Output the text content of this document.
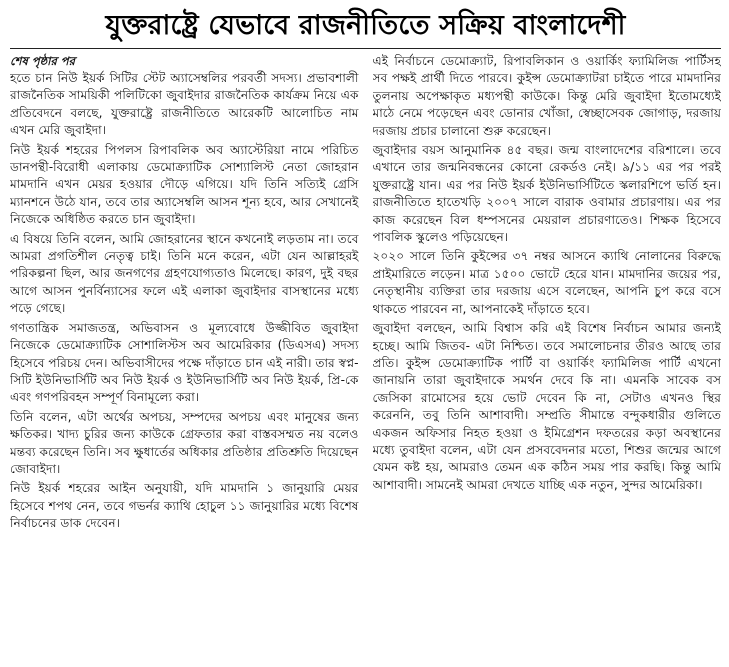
যুক্তরাষ্ট্রে যেভাবে রাজনীতিতে সক্রিয় বাংলাদেশী
শেষ পৃষ্ঠার পর

হতে চান নিউ ইয়র্ক সিটির স্টেট অ্যাসেম্বলির পরবর্তী সদস্য। প্রভাবশালী রাজনৈতিক সাময়িকী পলিটিকো জুবাইদার রাজনৈতিক কার্যক্রম নিয়ে এক প্রতিবেদনে বলছে, যুক্তরাষ্ট্রে রাজনীতিতে আরেকটি আলোচিত নাম এখন মেরি জুবাইদা।

নিউ ইয়র্ক শহরের পিপলস রিপাবলিক অব অ্যাস্টেরিয়া নামে পরিচিত ডানপন্থী-বিরোধী এলাকায় ডেমোক্র্যাটিক সোশ্যালিস্ট নেতা জোহরান মামদানি এখন মেয়র হওয়ার দৌড়ে এগিয়ে। যদি তিনি সত্যিই গ্রেসি ম্যানশনে উঠে যান, তবে তার অ্যাসেম্বলি আসন শূন্য হবে, আর সেখানেই নিজেকে অধিষ্ঠিত করতে চান জুবাইদা।

এ বিষয়ে তিনি বলেন, আমি জোহরানের স্থানে কখনোই লড়তাম না। তবে আমরা প্রগতিশীল নেতৃত্ব চাই। তিনি মনে করেন, এটা যেন আল্লাহরই পরিকল্পনা ছিল, আর জনগণের গ্রহণযোগ্যতাও মিলেছে। কারণ, দুই বছর আগে আসন পুনর্বিন্যাসের ফলে এই এলাকা জুবাইদার বাসস্থানের মধ্যে পড়ে গেছে।

গণতান্ত্রিক সমাজতন্ত্র, অভিবাসন ও মূল্যবোধে উজ্জীবিত জুবাইদা নিজেকে ডেমোক্র্যাটিক সোশালিস্টস অব আমেরিকার (ডিএসএ) সদস্য হিসেবে পরিচয় দেন। অভিবাসীদের পক্ষে দাঁড়াতে চান এই নারী। তার স্বপ্ন- সিটি ইউনিভার্সিটি অব নিউ ইয়র্ক ও ইউনিভার্সিটি অব নিউ ইয়র্ক, প্রি-কে এবং গণপরিবহন সম্পূর্ণ বিনামূল্যে করা।

তিনি বলেন, এটা অর্থের অপচয়, সম্পদের অপচয় এবং মানুষের জন্য ক্ষতিকর। খাদ্য চুরির জন্য কাউকে গ্রেফতার করা বাস্তবসম্মত নয় বলেও মন্তব্য করেছেন তিনি। সব ক্ষুধার্তের অধিকার প্রতিষ্ঠার প্রতিশ্রুতি দিয়েছেন জোবাইদা।

নিউ ইয়র্ক শহরের আইন অনুযায়ী, যদি মামদানি ১ জানুয়ারি মেয়র হিসেবে শপথ নেন, তবে গভর্নর ক্যাথি হোচুল ১১ জানুয়ারির মধ্যে বিশেষ নির্বাচনের ডাক দেবেন।

এই নির্বাচনে ডেমোক্র্যাট, রিপাবলিকান ও ওয়ার্কিং ফ্যামিলিজ পার্টিসহ সব পক্ষই প্রার্থী দিতে পারবে। কুইন্স ডেমোক্র্যাটরা চাইতে পারে মামদানির তুলনায় অপেক্ষাকৃত মধ্যপন্থী কাউকে। কিন্তু মেরি জুবাইদা ইতোমধ্যেই মাঠে নেমে পড়েছেন এবং ডোনার খোঁজা, স্বেচ্ছাসেবক জোগাড়, দরজায় দরজায় প্রচার চালানো শুরু করেছেন।

জুবাইদার বয়স আনুমানিক ৪৫ বছর। জন্ম বাংলাদেশের বরিশালে। তবে এখানে তার জন্মনিবন্ধনের কোনো রেকর্ডও নেই। ৯/১১ এর পর পরই যুক্তরাষ্ট্রে যান। এর পর নিউ ইয়র্ক ইউনিভার্সিটিতে স্কলারশিপে ভর্তি হন। রাজনীতিতে হাতেখড়ি ২০০৭ সালে বারাক ওবামার প্রচারণায়। এর পর কাজ করেছেন বিল ধম্পসনের মেয়রাল প্রচারণাতেও। শিক্ষক হিসেবে পাবলিক স্কুলেও পড়িয়েছেন।

২০২০ সালে তিনি কুইন্সের ৩৭ নম্বর আসনে ক্যাথি নোলানের বিরুদ্ধে প্রাইমারিতে লড়েন। মাত্র ১৫০০ ভোটে হেরে যান। মামদানির জয়ের পর, নেতৃস্থানীয় ব্যক্তিরা তার দরজায় এসে বলেছেন, আপনি চুপ করে বসে থাকতে পারবেন না, আপনাকেই দাঁড়াতে হবে।

জুবাইদা বলছেন, আমি বিশ্বাস করি এই বিশেষ নির্বাচন আমার জন্যই হচ্ছে। আমি জিতব- এটা নিশ্চিত। তবে সমালোচনার তীরও আছে তার প্রতি। কুইন্স ডেমোক্র্যাটিক পার্টি বা ওয়ার্কিং ফ্যামিলিজ পার্টি এখনো জানায়নি তারা জুবাইদাকে সমর্থন দেবে কি না। এমনকি সাবেক বস জেসিকা রামোসের হয়ে ভোট দেবেন কি না, সেটাও এখনও স্থির করেননি, তবু তিনি আশাবাদী। সম্প্রতি সীমান্তে বন্দুকধারীর গুলিতে একজন অফিসার নিহত হওয়া ও ইমিগ্রেশন দফতরের কড়া অবস্থানের মধ্যে তুবাইদা বলেন, এটা যেন প্রসববেদনার মতো, শিশুর জন্মের আগে যেমন কষ্ট হয়, আমরাও তেমন এক কঠিন সময় পার করছি। কিন্তু আমি আশাবাদী। সামনেই আমরা দেখতে যাচ্ছি এক নতুন, সুন্দর আমেরিকা।
